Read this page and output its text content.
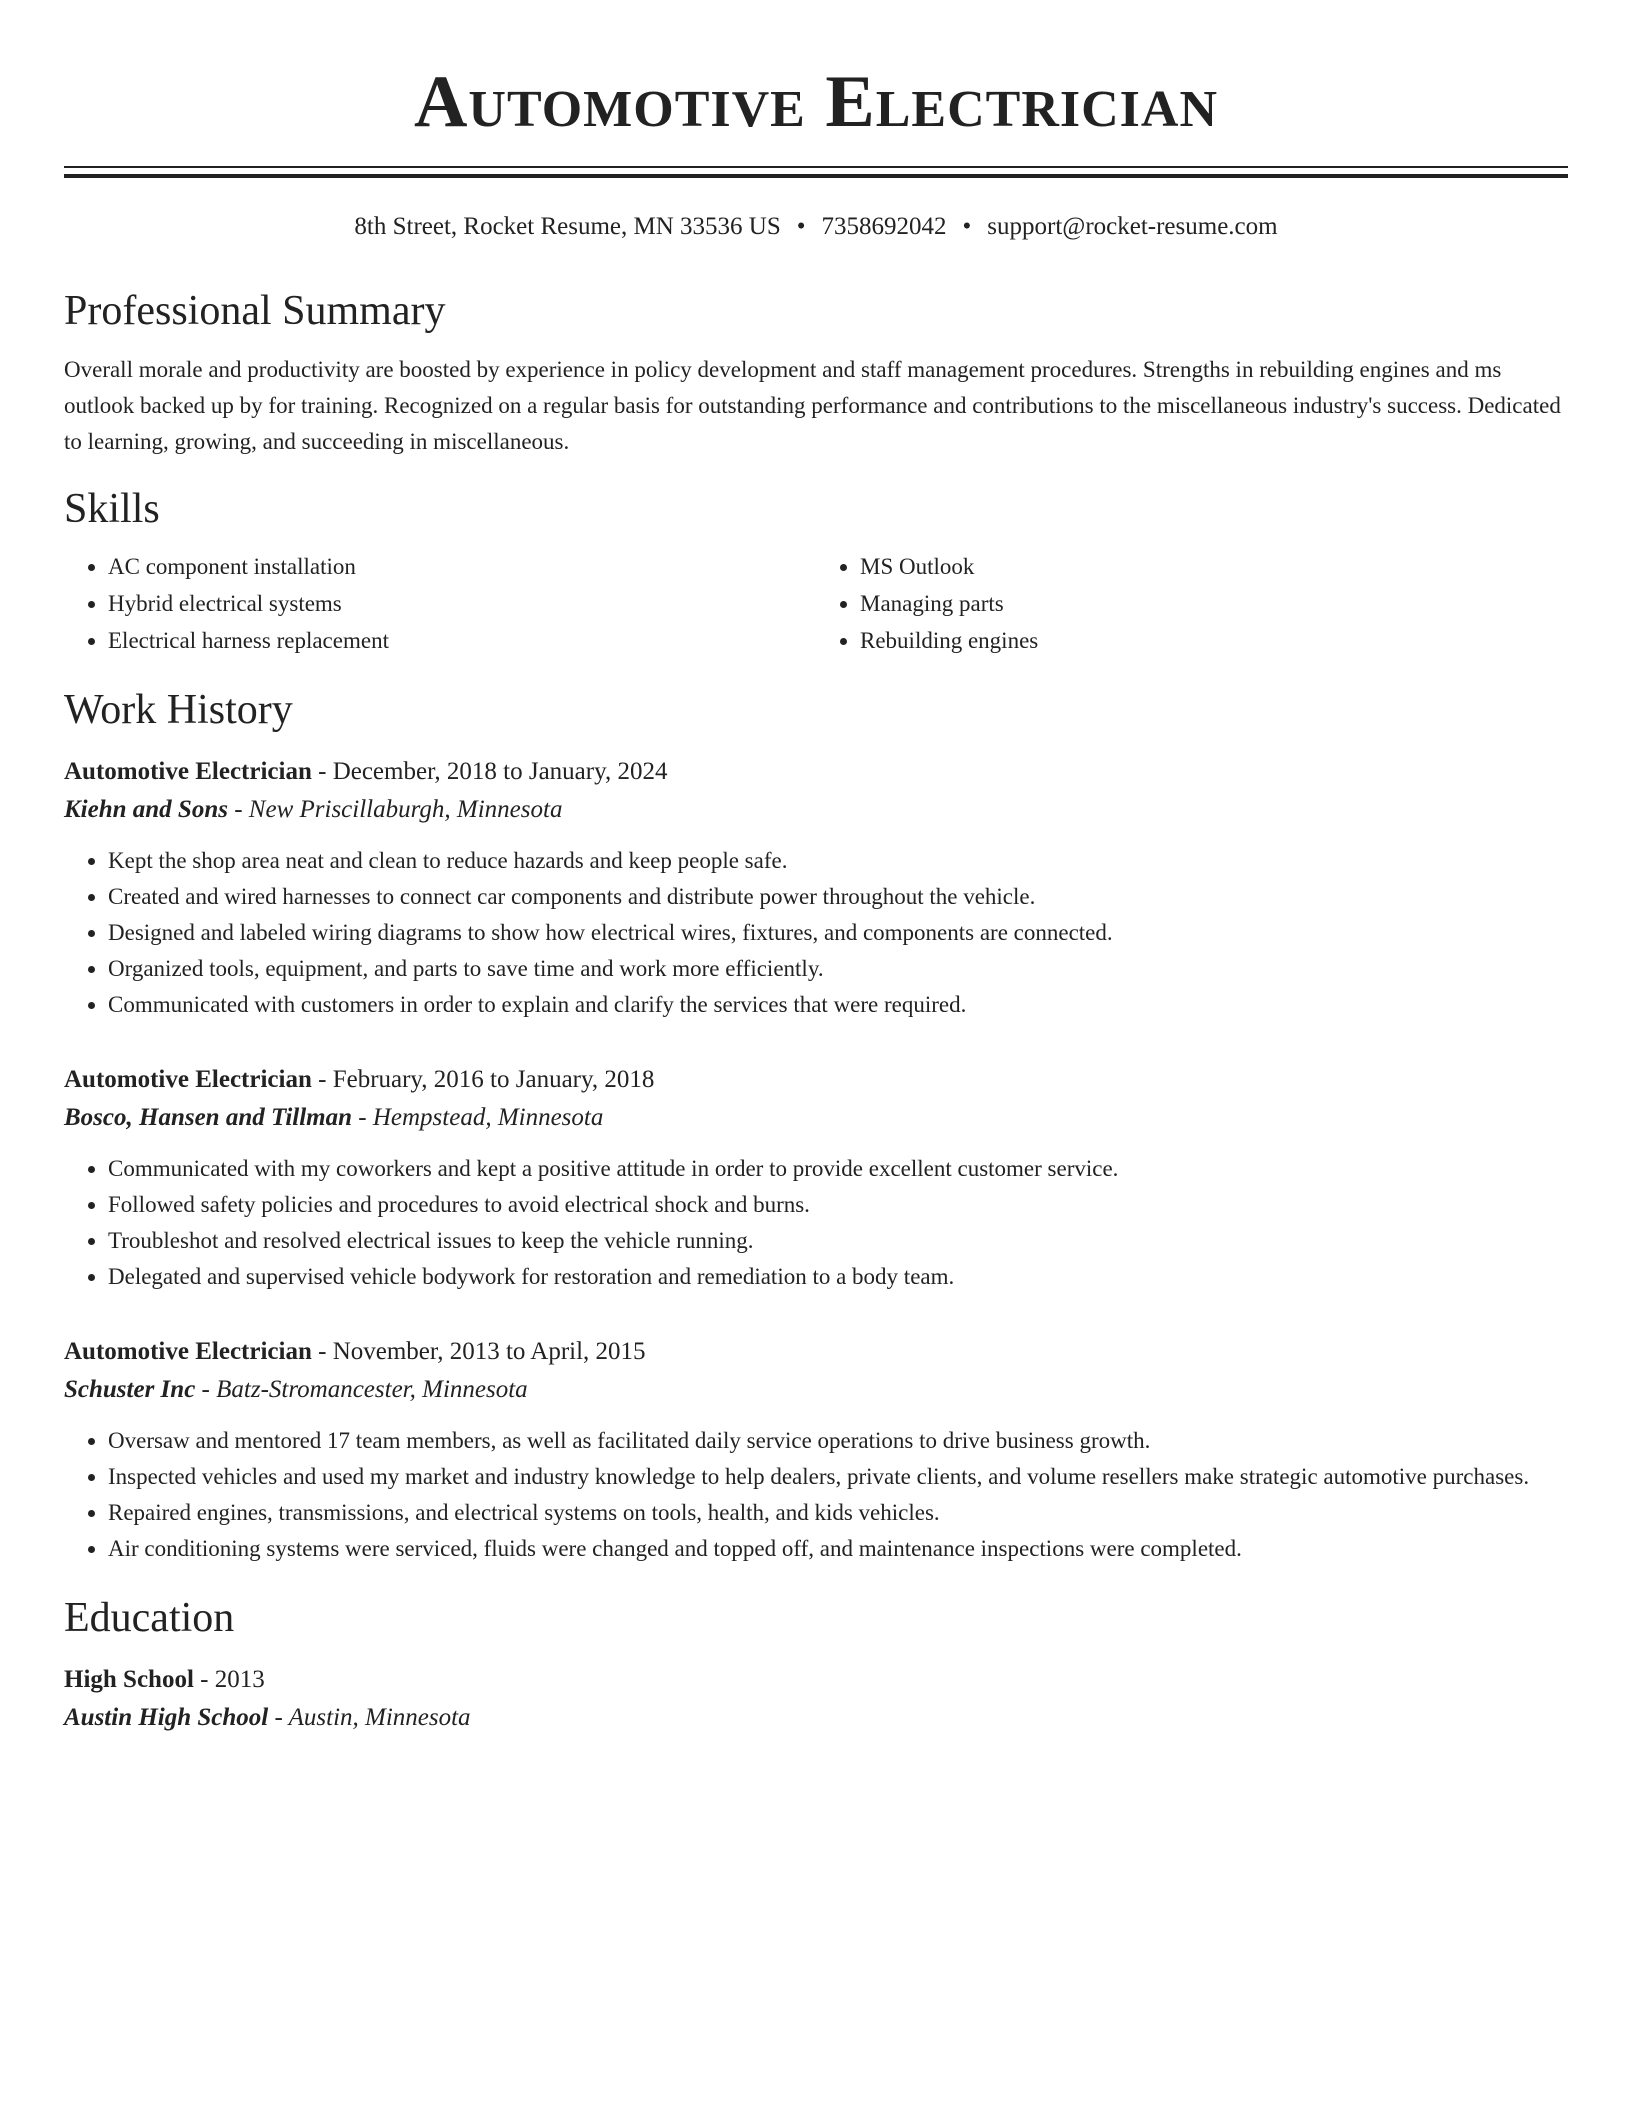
Automotive Electrician
8th Street, Rocket Resume, MN 33536 US • 7358692042 • support@rocket-resume.com
Professional Summary
Overall morale and productivity are boosted by experience in policy development and staff management procedures. Strengths in rebuilding engines and ms outlook backed up by for training. Recognized on a regular basis for outstanding performance and contributions to the miscellaneous industry's success. Dedicated to learning, growing, and succeeding in miscellaneous.
Skills
• AC component installation
• Hybrid electrical systems
• Electrical harness replacement
• MS Outlook
• Managing parts
• Rebuilding engines
Work History
Automotive Electrician - December, 2018 to January, 2024
Kiehn and Sons - New Priscillaburgh, Minnesota
• Kept the shop area neat and clean to reduce hazards and keep people safe.
• Created and wired harnesses to connect car components and distribute power throughout the vehicle.
• Designed and labeled wiring diagrams to show how electrical wires, fixtures, and components are connected.
• Organized tools, equipment, and parts to save time and work more efficiently.
• Communicated with customers in order to explain and clarify the services that were required.
Automotive Electrician - February, 2016 to January, 2018
Bosco, Hansen and Tillman - Hempstead, Minnesota
• Communicated with my coworkers and kept a positive attitude in order to provide excellent customer service.
• Followed safety policies and procedures to avoid electrical shock and burns.
• Troubleshot and resolved electrical issues to keep the vehicle running.
• Delegated and supervised vehicle bodywork for restoration and remediation to a body team.
Automotive Electrician - November, 2013 to April, 2015
Schuster Inc - Batz-Stromancester, Minnesota
• Oversaw and mentored 17 team members, as well as facilitated daily service operations to drive business growth.
• Inspected vehicles and used my market and industry knowledge to help dealers, private clients, and volume resellers make strategic automotive purchases.
• Repaired engines, transmissions, and electrical systems on tools, health, and kids vehicles.
• Air conditioning systems were serviced, fluids were changed and topped off, and maintenance inspections were completed.
Education
High School - 2013
Austin High School - Austin, Minnesota
